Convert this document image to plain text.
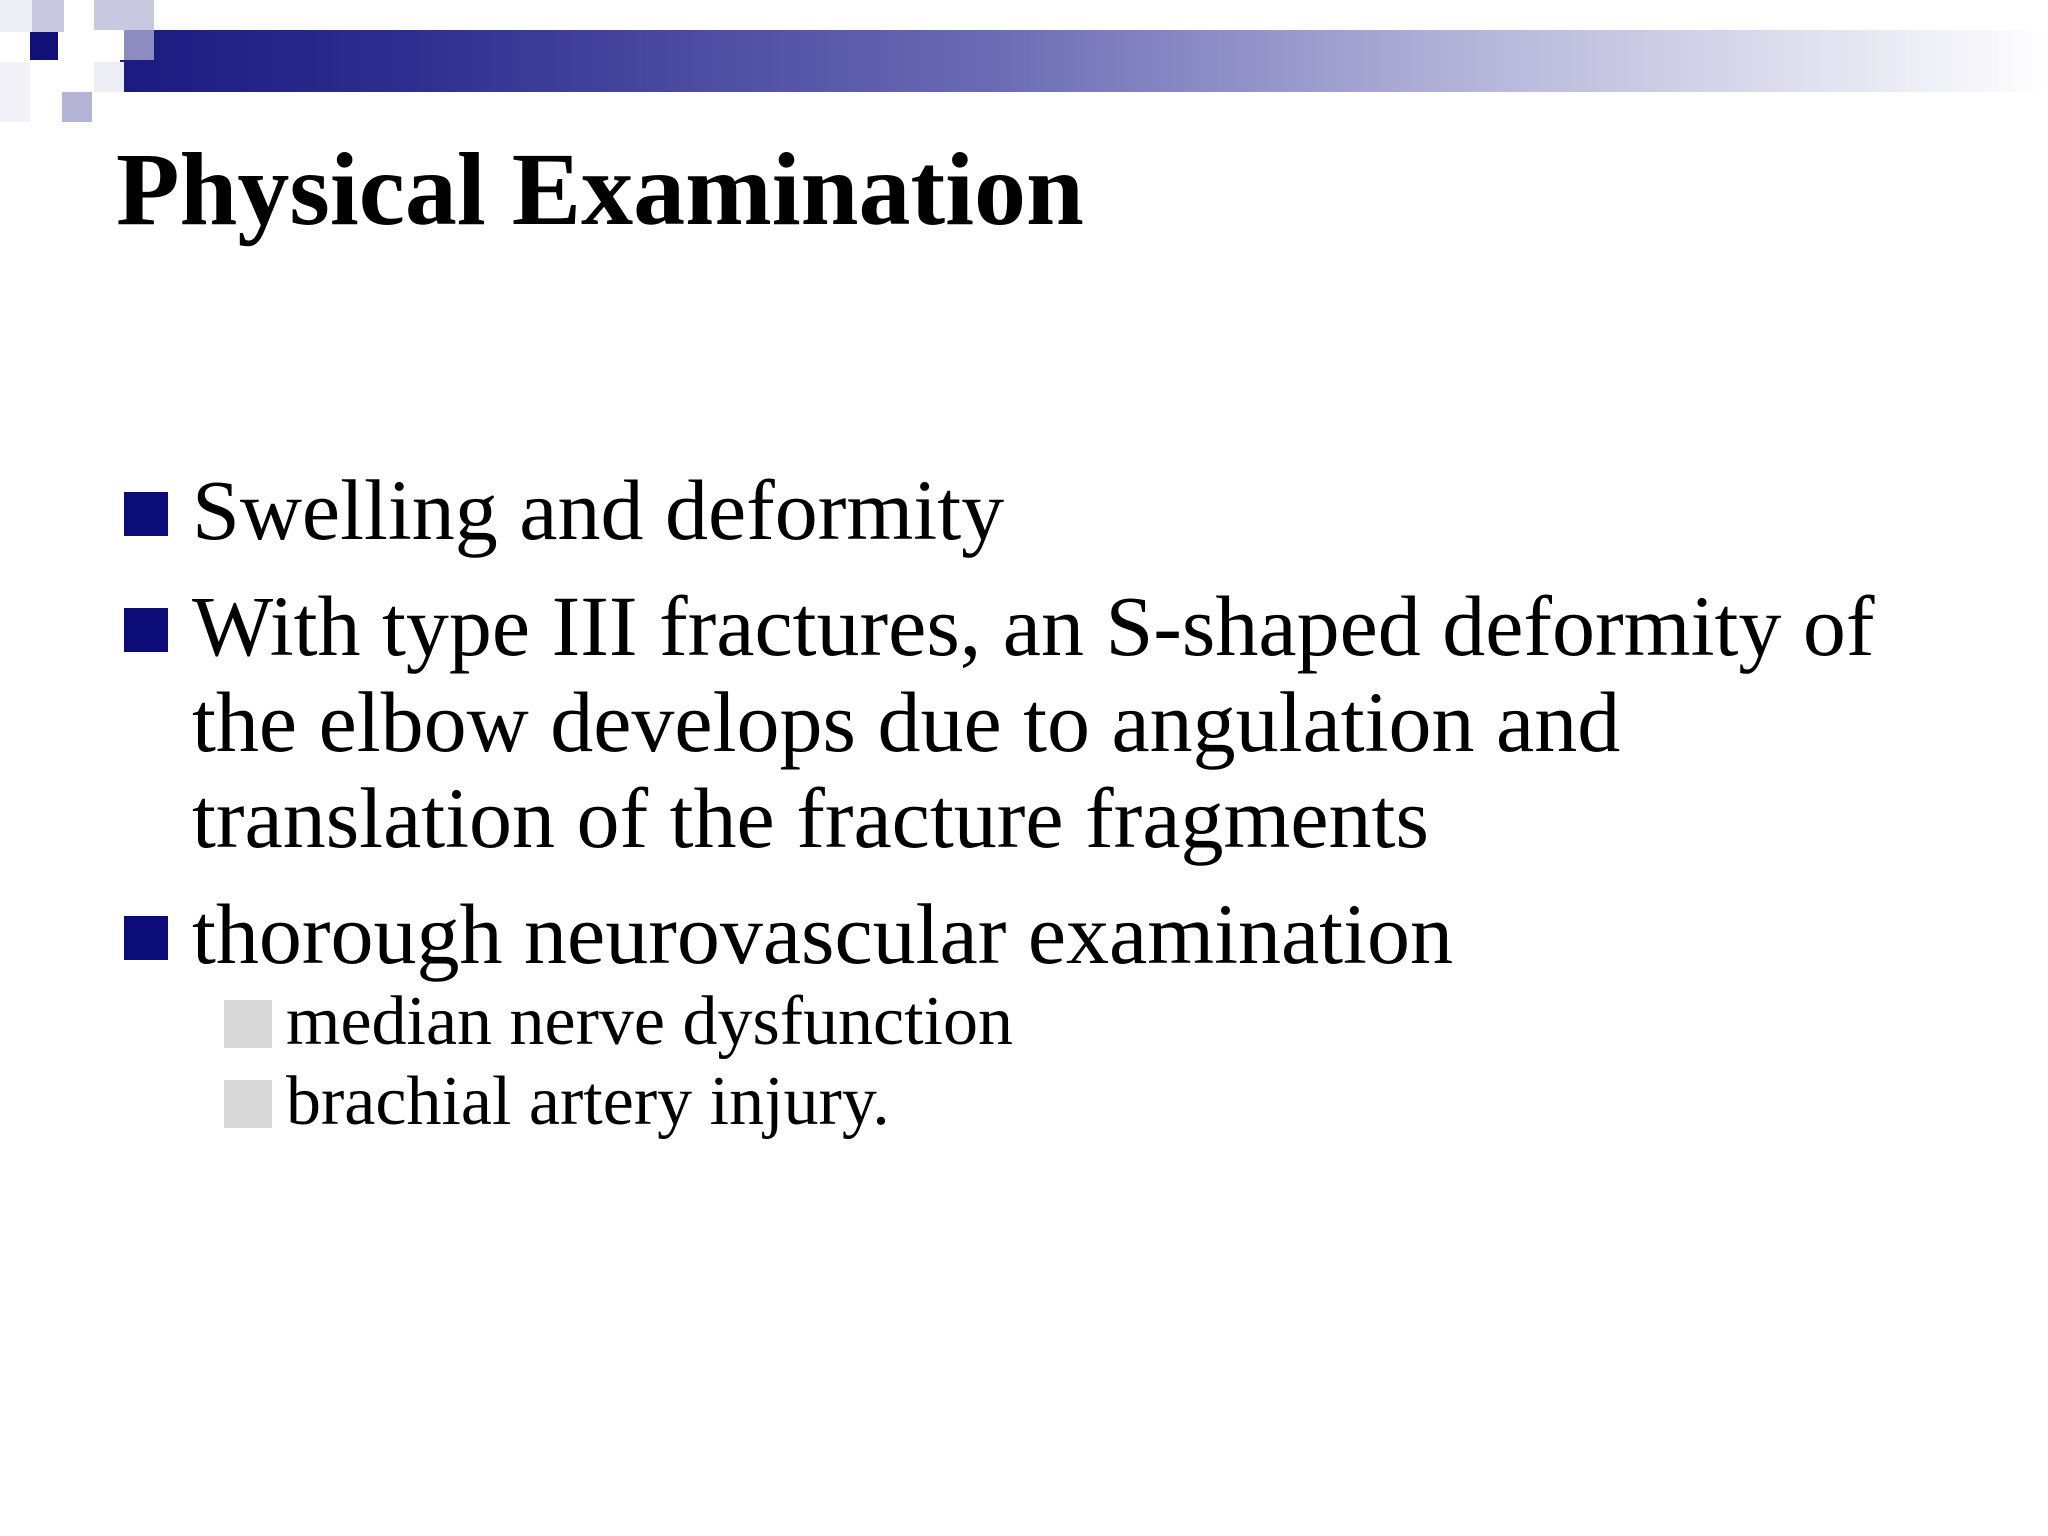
Physical Examination
Swelling and deformity
With type III fractures, an S-shaped deformity of the elbow develops due to angulation and translation of the fracture fragments
thorough neurovascular examination
median nerve dysfunction
brachial artery injury.
